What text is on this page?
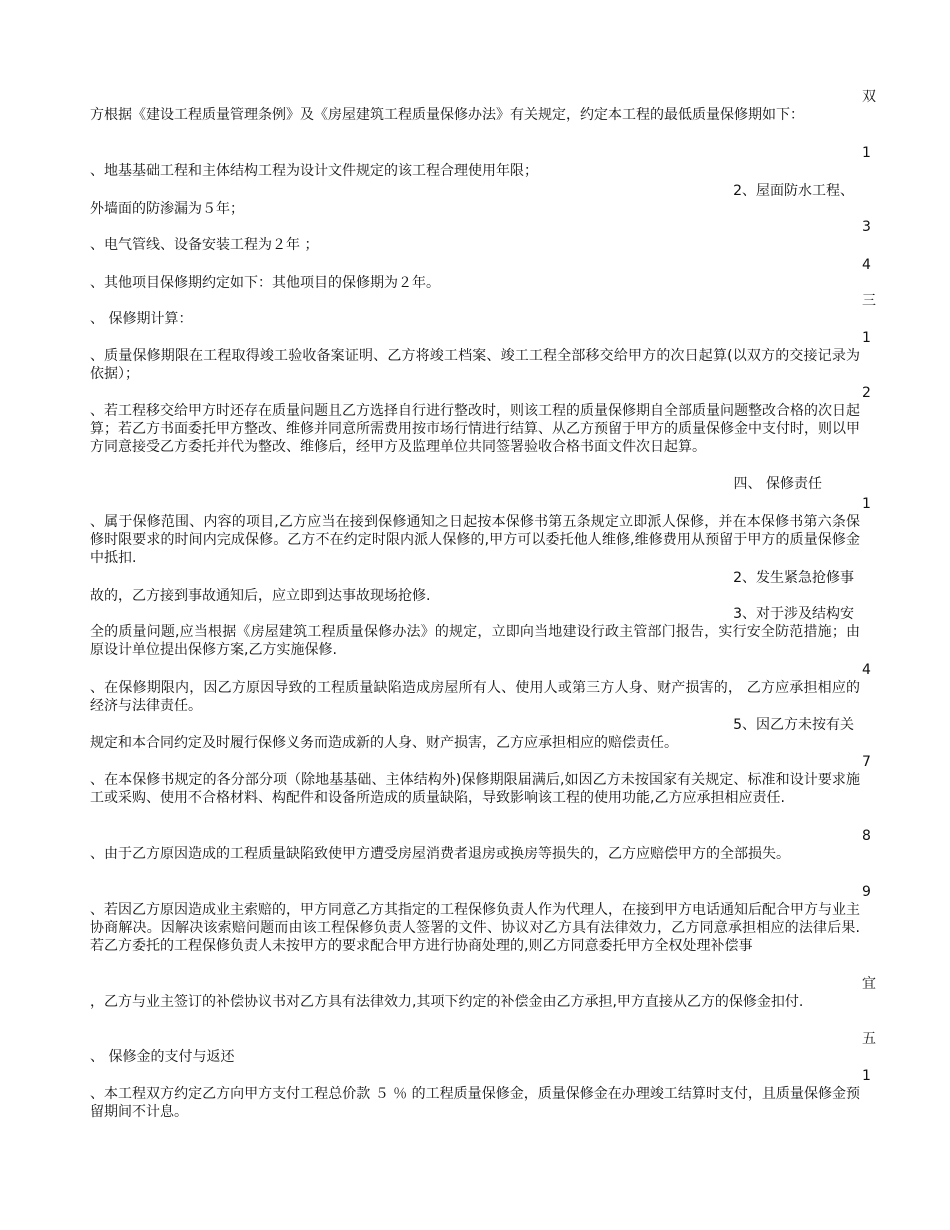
双

方根据《建设工程质量管理条例》及《房屋建筑工程质量保修办法》有关规定，约定本工程的最低质量保修期如下：

1

、地基基础工程和主体结构工程为设计文件规定的该工程合理使用年限；

2、屋面防水工程、

外墙面的防渗漏为５年；

3

、电气管线、设备安装工程为２年 ；

4

、其他项目保修期约定如下：其他项目的保修期为２年。

三

、 保修期计算：

1

、质量保修期限在工程取得竣工验收备案证明、乙方将竣工档案、竣工工程全部移交给甲方的次日起算(以双方的交接记录为依据）；

2

、若工程移交给甲方时还存在质量问题且乙方选择自行进行整改时，则该工程的质量保修期自全部质量问题整改合格的次日起算；若乙方书面委托甲方整改、维修并同意所需费用按市场行情进行结算、从乙方预留于甲方的质量保修金中支付时，则以甲方同意接受乙方委托并代为整改、维修后，经甲方及监理单位共同签署验收合格书面文件次日起算。

四、 保修责任

1

、属于保修范围、内容的项目,乙方应当在接到保修通知之日起按本保修书第五条规定立即派人保修，并在本保修书第六条保修时限要求的时间内完成保修。乙方不在约定时限内派人保修的,甲方可以委托他人维修,维修费用从预留于甲方的质量保修金中抵扣.

2、发生紧急抢修事

故的，乙方接到事故通知后，应立即到达事故现场抢修.

3、对于涉及结构安

全的质量问题,应当根据《房屋建筑工程质量保修办法》的规定，立即向当地建设行政主管部门报告，实行安全防范措施；由原设计单位提出保修方案,乙方实施保修.

4

、在保修期限内，因乙方原因导致的工程质量缺陷造成房屋所有人、使用人或第三方人身、财产损害的， 乙方应承担相应的经济与法律责任。

5、因乙方未按有关

规定和本合同约定及时履行保修义务而造成新的人身、财产损害，乙方应承担相应的赔偿责任。

7

、在本保修书规定的各分部分项（除地基基础、主体结构外)保修期限届满后,如因乙方未按国家有关规定、标准和设计要求施工或采购、使用不合格材料、构配件和设备所造成的质量缺陷，导致影响该工程的使用功能,乙方应承担相应责任.

8

、由于乙方原因造成的工程质量缺陷致使甲方遭受房屋消费者退房或换房等损失的，乙方应赔偿甲方的全部损失。

9

、若因乙方原因造成业主索赔的，甲方同意乙方其指定的工程保修负责人作为代理人，在接到甲方电话通知后配合甲方与业主协商解决。因解决该索赔问题而由该工程保修负责人签署的文件、协议对乙方具有法律效力，乙方同意承担相应的法律后果.若乙方委托的工程保修负责人未按甲方的要求配合甲方进行协商处理的,则乙方同意委托甲方全权处理补偿事

宜

，乙方与业主签订的补偿协议书对乙方具有法律效力,其项下约定的补偿金由乙方承担,甲方直接从乙方的保修金扣付.

五

、 保修金的支付与返还

1

、本工程双方约定乙方向甲方支付工程总价款 ５ ％ 的工程质量保修金，质量保修金在办理竣工结算时支付，且质量保修金预留期间不计息。
